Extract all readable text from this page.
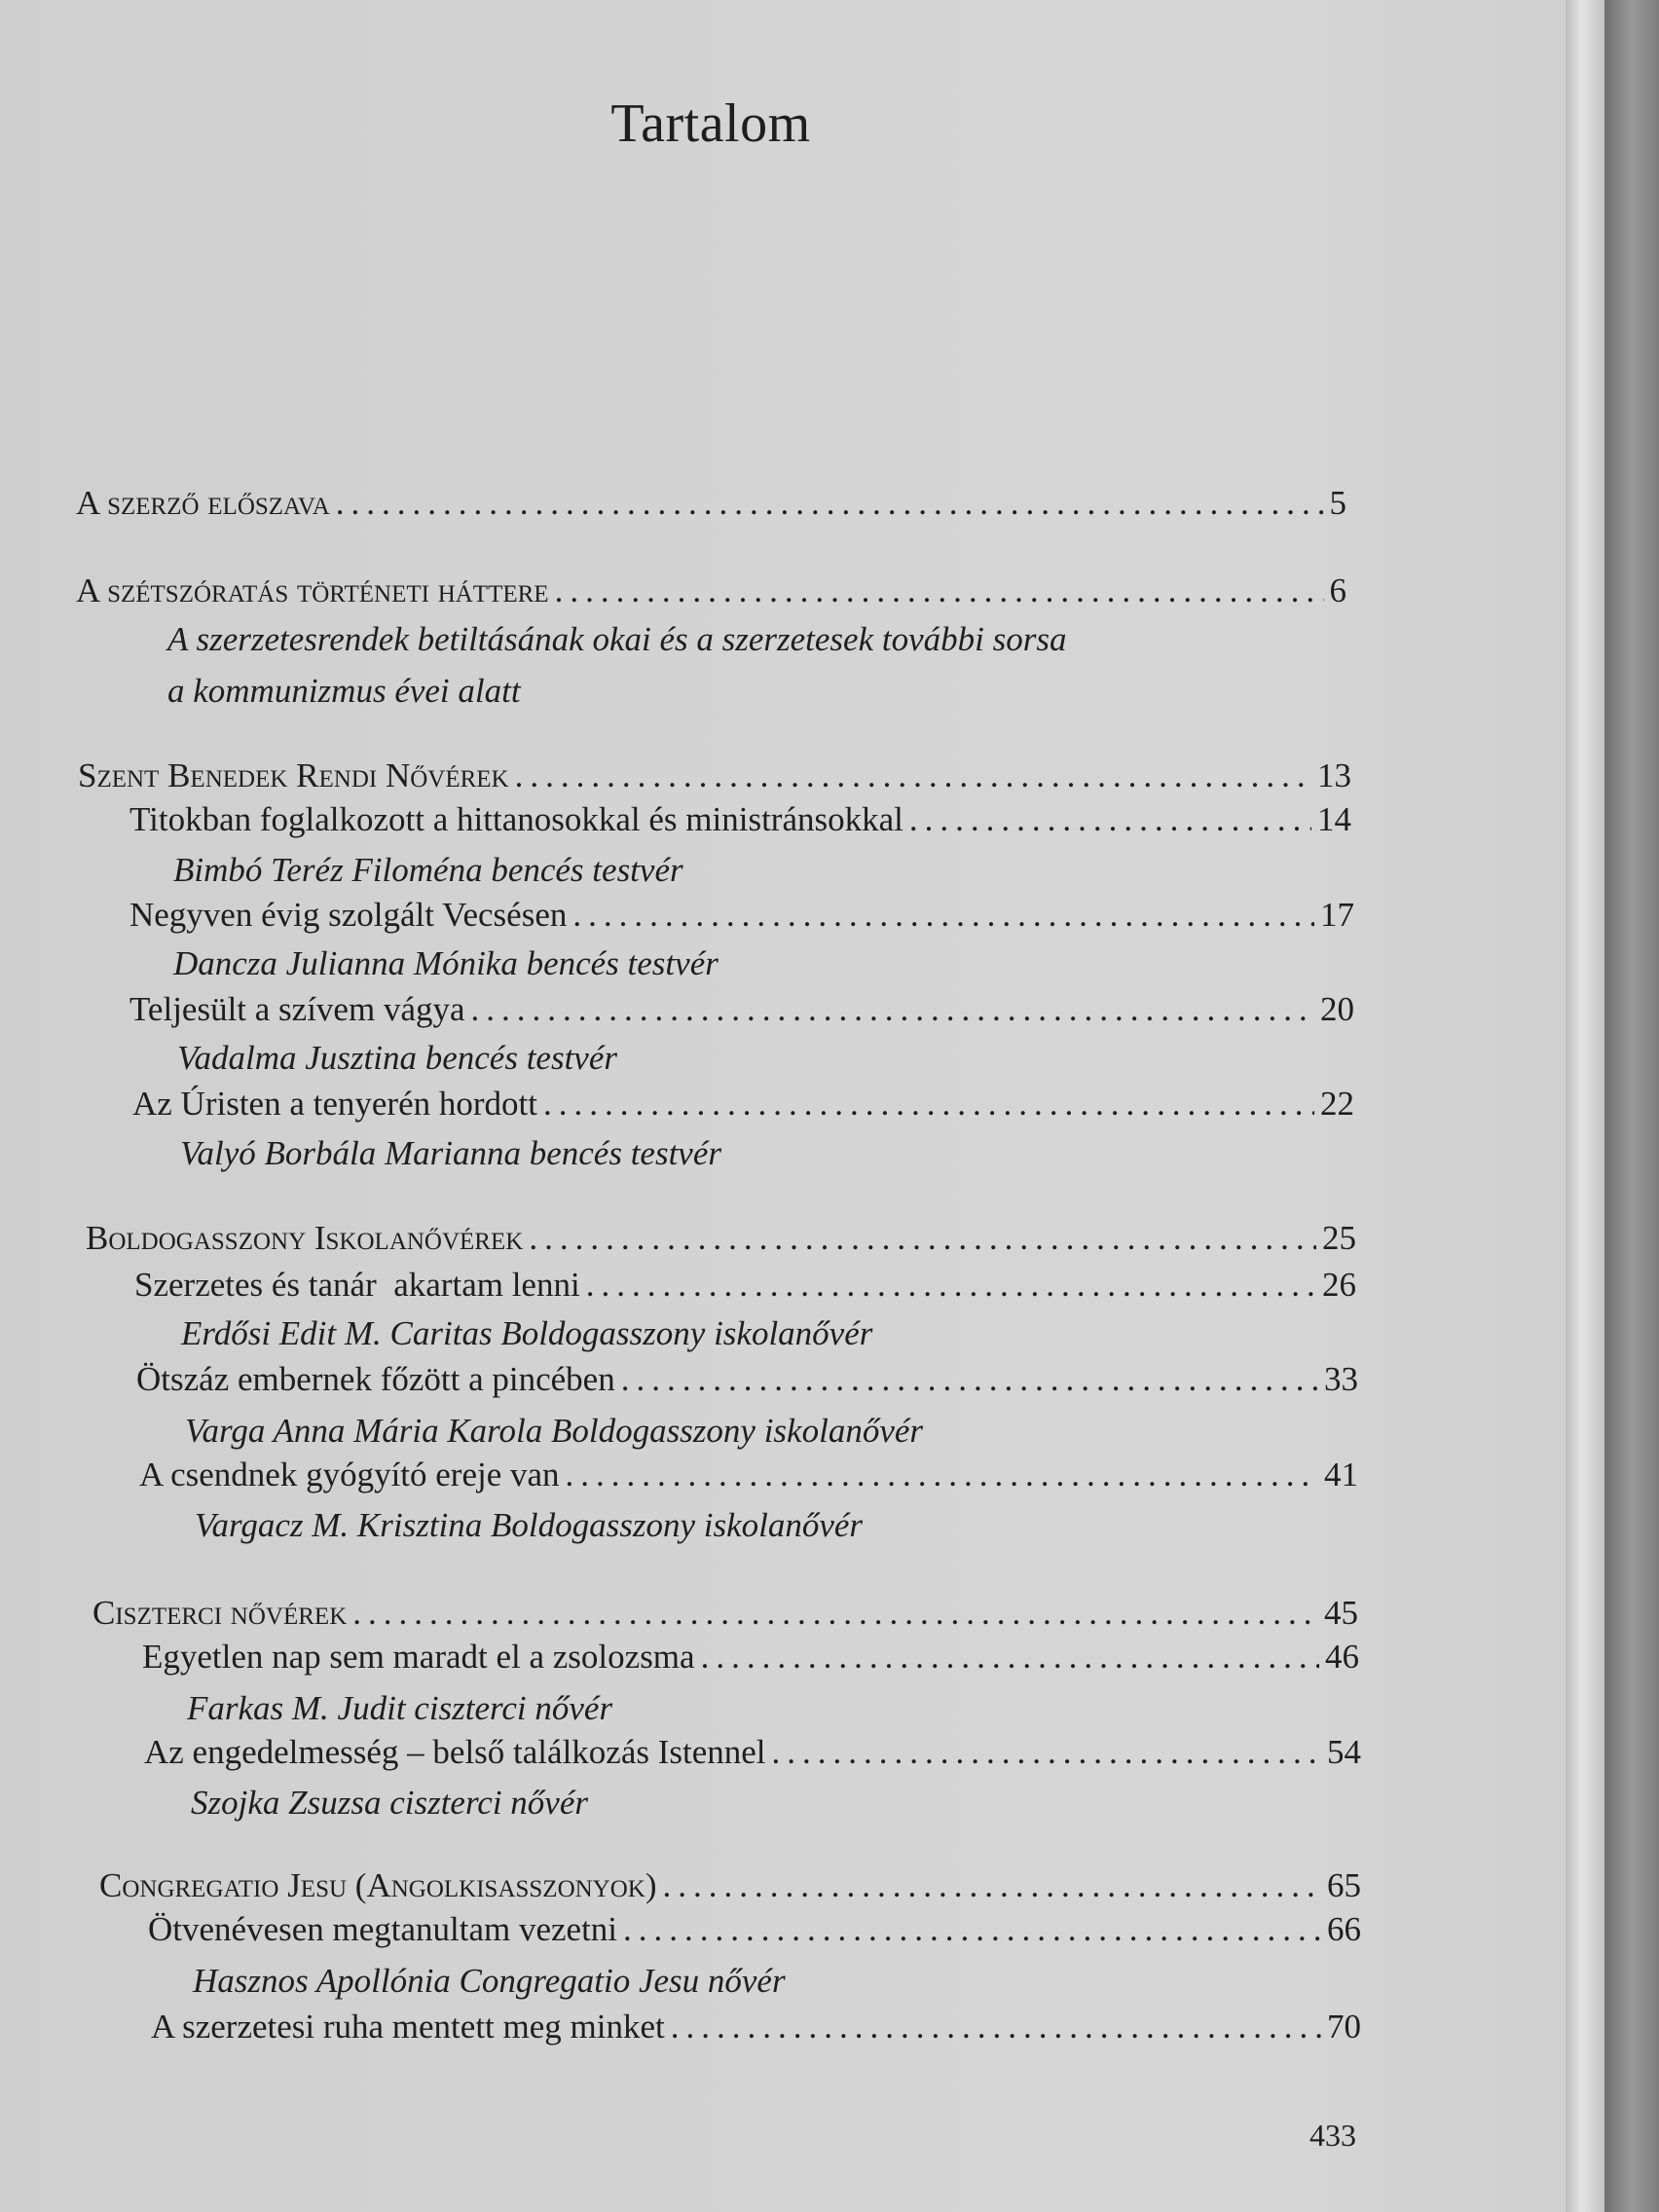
Tartalom
A szerző előszava .....	5
A szétszóratás történeti háttere .....	6
A szerzetesrendek betiltásának okai és a szerzetesek további sorsa
a kommunizmus évei alatt
Szent Benedek Rendi Nővérek .....	13
Titokban foglalkozott a hittanosokkal és ministránsokkal .....	14
Bimbó Teréz Filoména bencés testvér
Negyven évig szolgált Vecsésen .....	17
Dancza Julianna Mónika bencés testvér
Teljesült a szívem vágya .....	20
Vadalma Jusztina bencés testvér
Az Úristen a tenyerén hordott .....	22
Valyó Borbála Marianna bencés testvér
Boldogasszony Iskolanővérek .....	25
Szerzetes és tanár  akartam lenni .....	26
Erdősi Edit M. Caritas Boldogasszony iskolanővér
Ötszáz embernek főzött a pincében .....	33
Varga Anna Mária Karola Boldogasszony iskolanővér
A csendnek gyógyító ereje van .....	41
Vargacz M. Krisztina Boldogasszony iskolanővér
Ciszterci nővérek .....	45
Egyetlen nap sem maradt el a zsolozsma .....	46
Farkas M. Judit ciszterci nővér
Az engedelmesség – belső találkozás Istennel .....	54
Szojka Zsuzsa ciszterci nővér
Congregatio Jesu (Angolkisasszonyok) .....	65
Ötvenévesen megtanultam vezetni .....	66
Hasznos Apollónia Congregatio Jesu nővér
A szerzetesi ruha mentett meg minket .....	70
433
